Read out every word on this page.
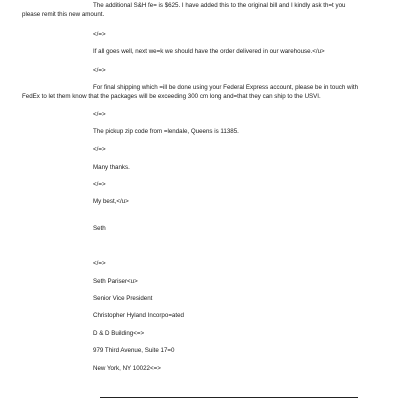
The additional S&H fe= is $625. I have added this to the original bill and I kindly ask th=t you

please remit this new amount.

</=>

If all goes well, next we=k we should have the order delivered in our warehouse.</u>

</=>

For final shipping which =ill be done using your Federal Express account, please be in touch with

FedEx to let them know that the packages will be exceeding 300 cm long and=that they can ship to the USVI.

</=>

The pickup zip code from =lendale, Queens is 11385.

</=>

Many thanks.

</=>

My best,</u>

Seth

</=>

Seth Pariser<u>

Senior Vice President

Christopher Hyland Incorpo=ated

D & D Building<=>

979 Third Avenue, Suite 17=0

New York, NY 10022<=>
